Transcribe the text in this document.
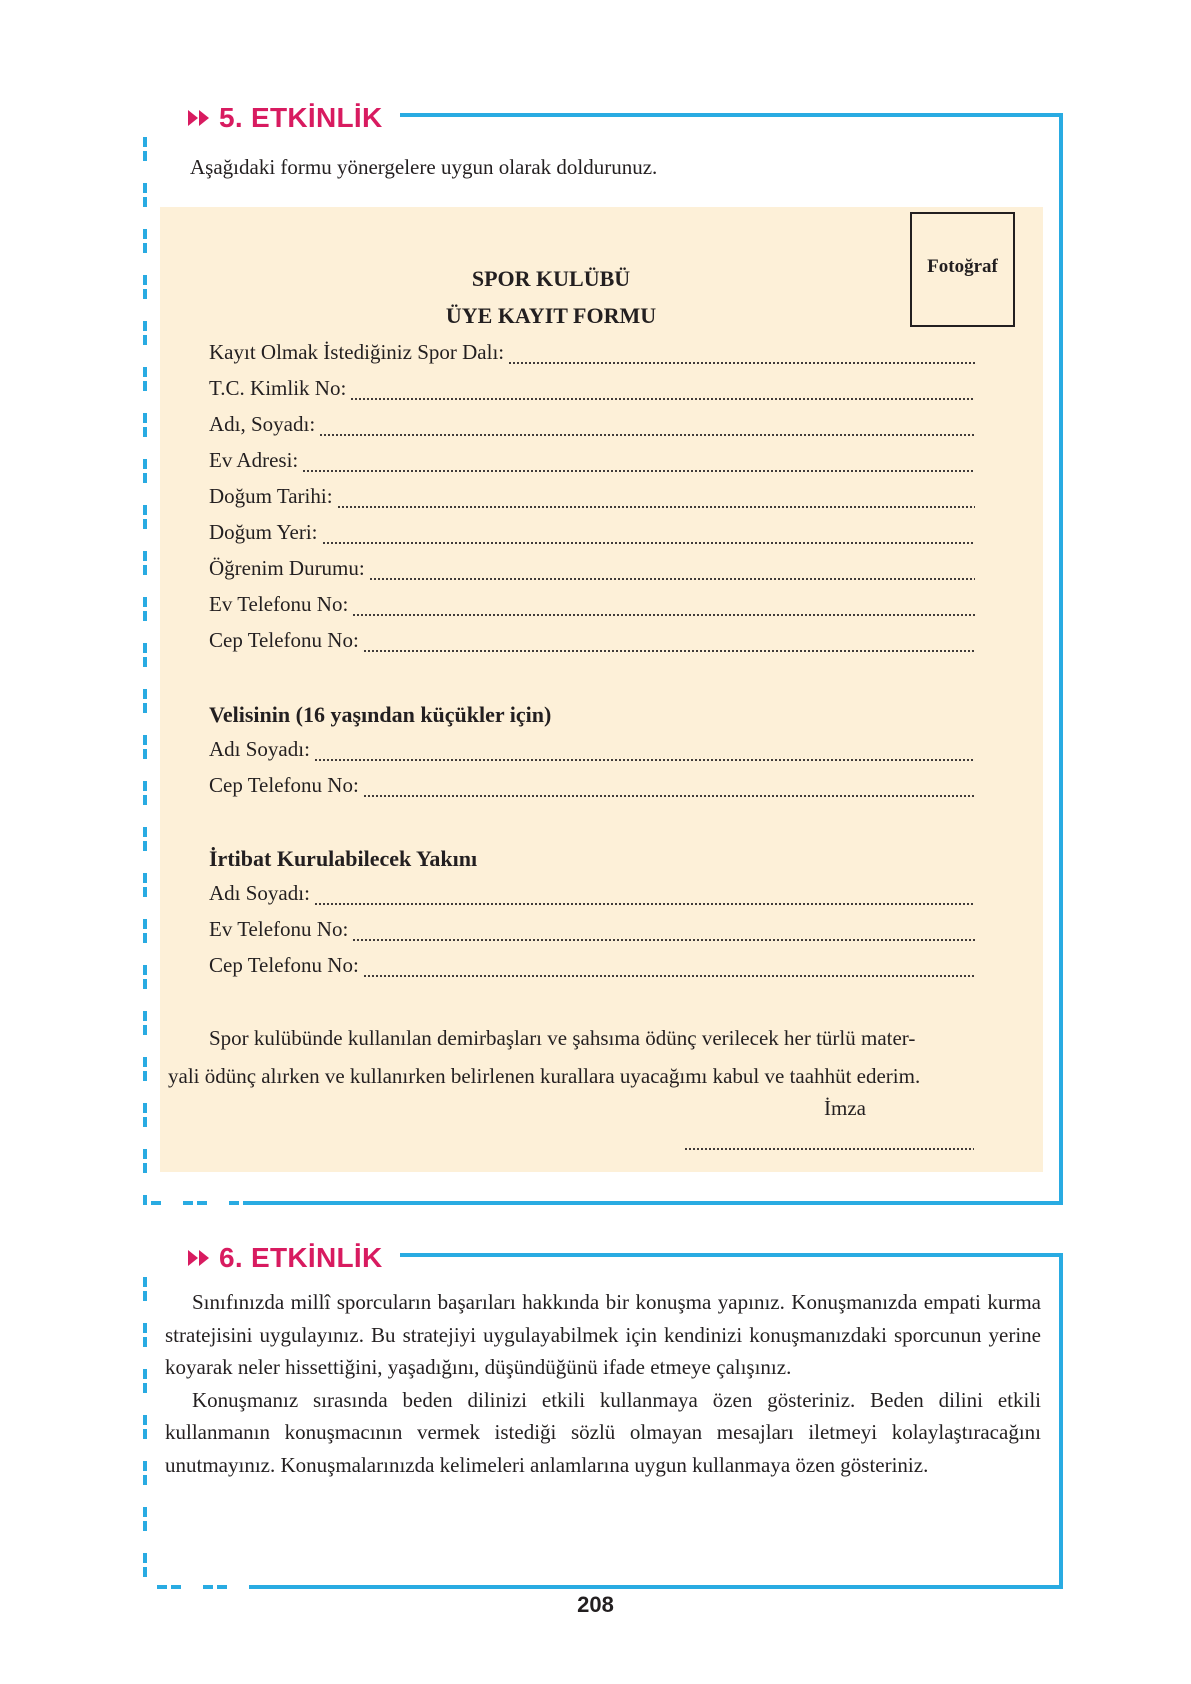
5. ETKİNLİK
Aşağıdaki formu yönergelere uygun olarak doldurunuz.
Fotoğraf
SPOR KULÜBÜ
ÜYE KAYIT FORMU
Kayıt Olmak İstediğiniz Spor Dalı:
T.C. Kimlik No:
Adı, Soyadı:
Ev Adresi:
Doğum Tarihi:
Doğum Yeri:
Öğrenim Durumu:
Ev Telefonu No:
Cep Telefonu No:
Velisinin (16 yaşından küçükler için)
Adı Soyadı:
Cep Telefonu No:
İrtibat Kurulabilecek Yakını
Adı Soyadı:
Ev Telefonu No:
Cep Telefonu No:

Spor kulübünde kullanılan demirbaşları ve şahsıma ödünç verilecek her türlü mater-

yali ödünç alırken ve kullanırken belirlenen kurallara uyacağımı kabul ve taahhüt ederim.

İmza
6. ETKİNLİK

Sınıfınızda millî sporcuların başarıları hakkında bir konuşma yapınız. Konuşmanızda empati kurma stratejisini uygulayınız. Bu stratejiyi uygulayabilmek için kendinizi konuşmanızdaki sporcunun yerine koyarak neler hissettiğini, yaşadığını, düşündüğünü ifade etmeye çalışınız.

Konuşmanız sırasında beden dilinizi etkili kullanmaya özen gösteriniz. Beden dilini etkili kullanmanın konuşmacının vermek istediği sözlü olmayan mesajları iletmeyi kolaylaştıracağını unutmayınız. Konuşmalarınızda kelimeleri anlamlarına uygun kullanmaya özen gösteriniz.

208
